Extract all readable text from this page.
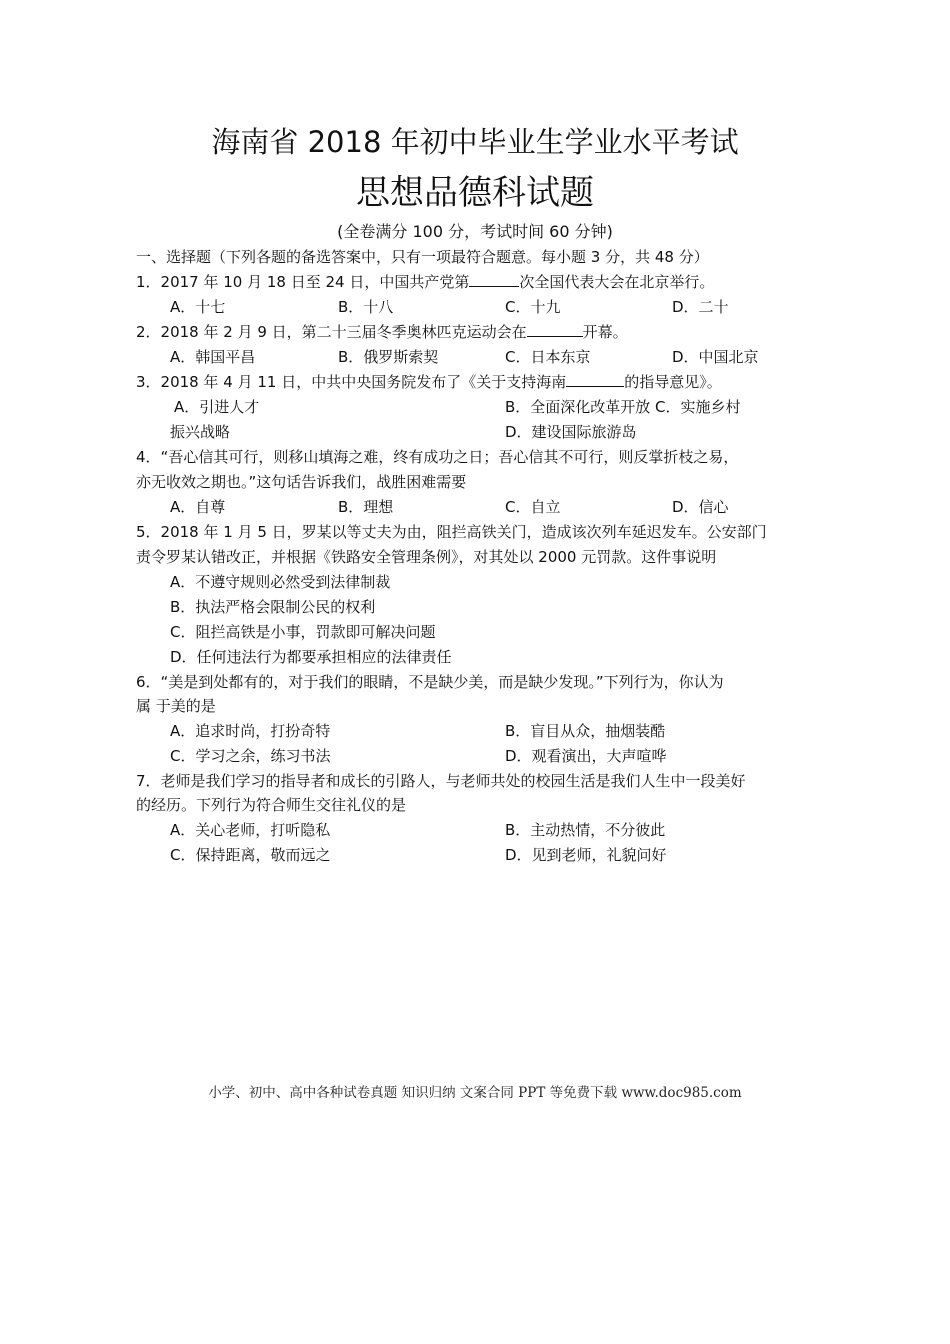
海南省 2018 年初中毕业生学业水平考试
思想品德科试题
(全卷满分 100 分，考试时间 60 分钟)
一、选择题（下列各题的备选答案中，只有一项最符合题意。每小题 3 分，共 48 分）
1．2017 年 10 月 18 日至 24 日，中国共产党第	次全国代表大会在北京举行。
A．十七	B．十八	C．十九	D．二十
2．2018 年 2 月 9 日，第二十三届冬季奥林匹克运动会在	开幕。
A．韩国平昌	B．俄罗斯索契	C．日本东京	D．中国北京
3．2018 年 4 月 11 日，中共中央国务院发布了《关于支持海南	的指导意见》。
A．引进人才	B．全面深化改革开放 C．实施乡村
振兴战略	D．建设国际旅游岛
4．“吾心信其可行，则移山填海之难，终有成功之日；吾心信其不可行，则反掌折枝之易，
亦无收效之期也。”这句话告诉我们，战胜困难需要
A．自尊	B．理想	C．自立	D．信心
5．2018 年 1 月 5 日，罗某以等丈夫为由，阻拦高铁关门，造成该次列车延迟发车。公安部门
责令罗某认错改正，并根据《铁路安全管理条例》，对其处以 2000 元罚款。这件事说明
A．不遵守规则必然受到法律制裁
B．执法严格会限制公民的权利
C．阻拦高铁是小事，罚款即可解决问题
D．任何违法行为都要承担相应的法律责任
6．“美是到处都有的，对于我们的眼睛，不是缺少美，而是缺少发现。”下列行为，你认为
属 于美的是
A．追求时尚，打扮奇特	B．盲目从众，抽烟装酷
C．学习之余，练习书法	D．观看演出，大声喧哗
7．老师是我们学习的指导者和成长的引路人，与老师共处的校园生活是我们人生中一段美好
的经历。下列行为符合师生交往礼仪的是
A．关心老师，打听隐私	B．主动热情，不分彼此
C．保持距离，敬而远之	D．见到老师，礼貌问好
小学、初中、高中各种试卷真题 知识归纳 文案合同 PPT 等免费下载 www.doc985.com
